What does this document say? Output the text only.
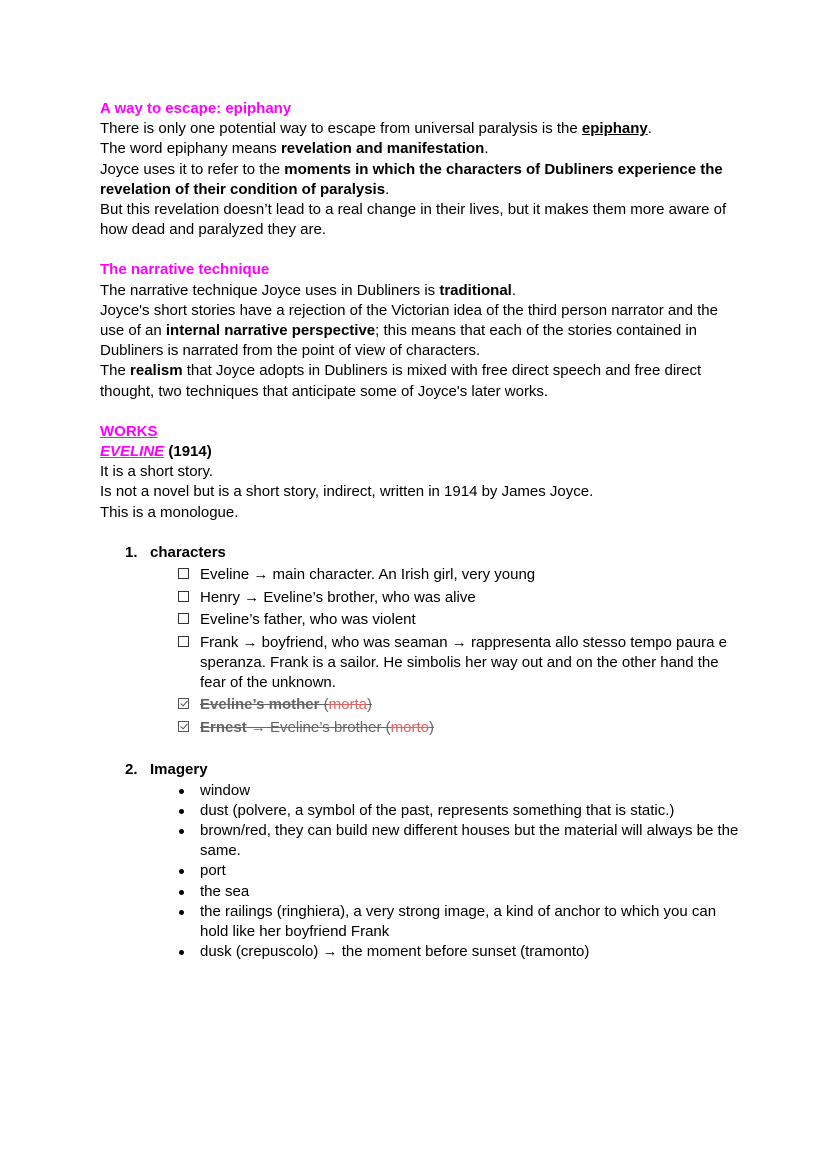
A way to escape: epiphany

There is only one potential way to escape from universal paralysis is the epiphany.

The word epiphany means revelation and manifestation.

Joyce uses it to refer to the moments in which the characters of Dubliners experience the revelation of their condition of paralysis.

But this revelation doesn’t lead to a real change in their lives, but it makes them more aware of how dead and paralyzed they are.

The narrative technique

The narrative technique Joyce uses in Dubliners is traditional.

Joyce's short stories have a rejection of the Victorian idea of the third person narrator and the use of an internal narrative perspective; this means that each of the stories contained in Dubliners is narrated from the point of view of characters.

The realism that Joyce adopts in Dubliners is mixed with free direct speech and free direct thought, two techniques that anticipate some of Joyce's later works.

WORKS

EVELINE (1914)

It is a short story.

Is not a novel but is a short story, indirect, written in 1914 by James Joyce.

This is a monologue.

1. characters
Eveline → main character. An Irish girl, very young
Henry → Eveline’s brother, who was alive
Eveline’s father, who was violent
Frank → boyfriend, who was seaman → rappresenta allo stesso tempo paura e speranza. Frank is a sailor. He simbolis her way out and on the other hand the fear of the unknown.
Eveline’s mother (morta)
Ernest → Eveline’s brother (morto)
2. Imagery
window
dust (polvere, a symbol of the past, represents something that is static.)
brown/red, they can build new different houses but the material will always be the same.
port
the sea
the railings (ringhiera), a very strong image, a kind of anchor to which you can hold like her boyfriend Frank
dusk (crepuscolo) → the moment before sunset (tramonto)
